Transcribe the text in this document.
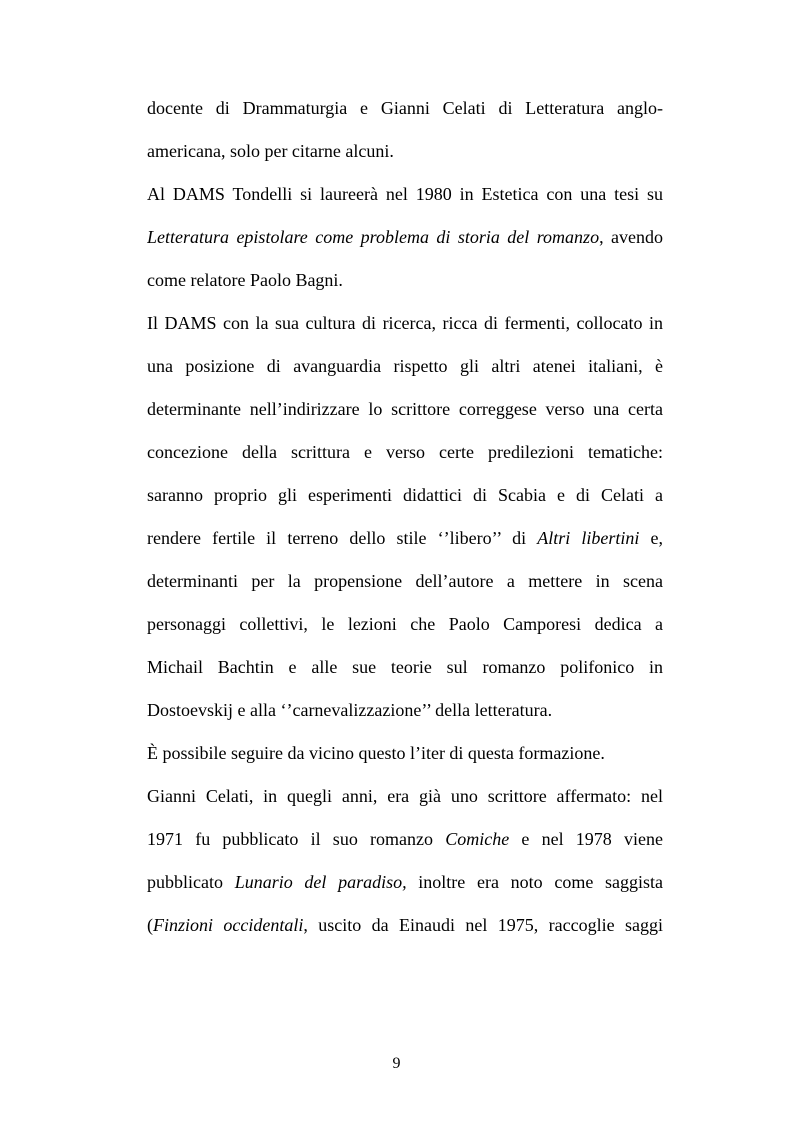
docente di Drammaturgia e Gianni Celati di Letteratura anglo-
americana, solo per citarne alcuni.
Al DAMS Tondelli si laureerà nel 1980 in Estetica con una tesi su
Letteratura epistolare come problema di storia del romanzo, avendo
come relatore Paolo Bagni.
Il DAMS con la sua cultura di ricerca, ricca di fermenti, collocato in
una posizione di avanguardia rispetto gli altri atenei italiani, è
determinante nell’indirizzare lo scrittore correggese verso una certa
concezione della scrittura e verso certe predilezioni tematiche:
saranno proprio gli esperimenti didattici di Scabia e di Celati a
rendere fertile il terreno dello stile ‘’libero’’ di Altri libertini e,
determinanti per la propensione dell’autore a mettere in scena
personaggi collettivi, le lezioni che Paolo Camporesi dedica a
Michail Bachtin e alle sue teorie sul romanzo polifonico in
Dostoevskij e alla ‘’carnevalizzazione’’ della letteratura.
È possibile seguire da vicino questo l’iter di questa formazione.
Gianni Celati, in quegli anni, era già uno scrittore affermato: nel
1971 fu pubblicato il suo romanzo Comiche e nel 1978 viene
pubblicato Lunario del paradiso, inoltre era noto come saggista
(Finzioni occidentali, uscito da Einaudi nel 1975, raccoglie saggi
9
